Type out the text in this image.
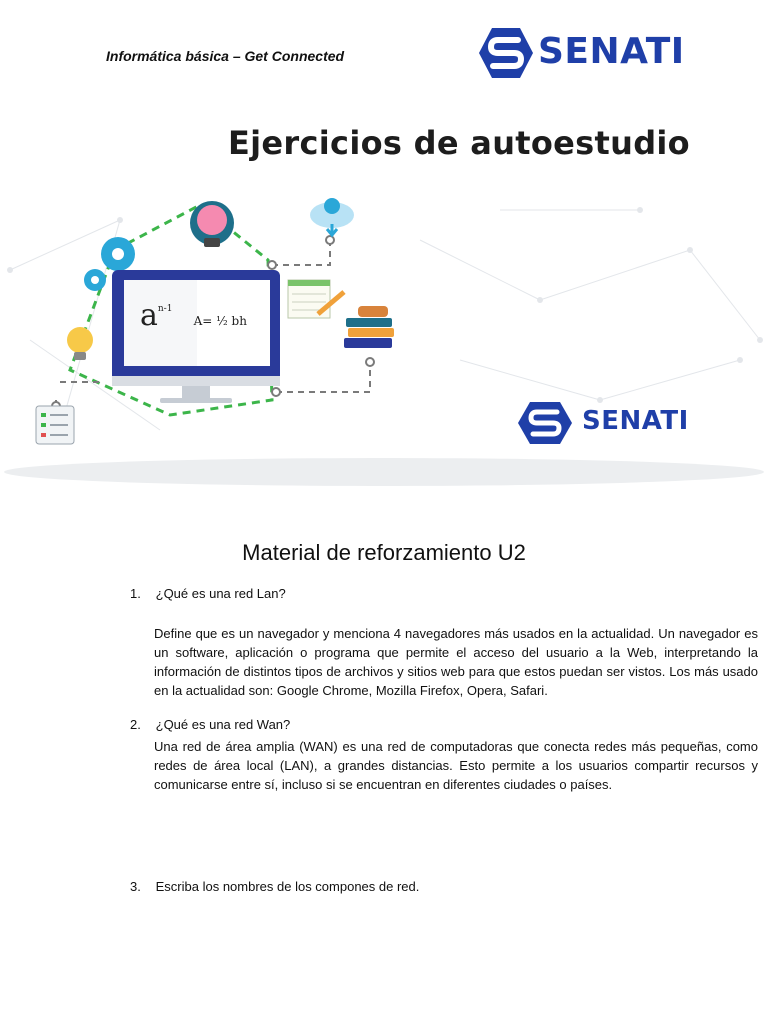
Informática básica – Get Connected	SENATI
$a^{n-1}$ A= ½ bh
Ejercicios de autoestudio
SENATI
Material de reforzamiento U2
1. ¿Qué es una red Lan?

Define que es un navegador y menciona 4 navegadores más usados en la actualidad. Un navegador es un software, aplicación o programa que permite el acceso del usuario a la Web, interpretando la información de distintos tipos de archivos y sitios web para que estos puedan ser vistos. Los más usado en la actualidad son: Google Chrome, Mozilla Firefox, Opera, Safari.

2. ¿Qué es una red Wan?

Una red de área amplia (WAN) es una red de computadoras que conecta redes más pequeñas, como redes de área local (LAN), a grandes distancias. Esto permite a los usuarios compartir recursos y comunicarse entre sí, incluso si se encuentran en diferentes ciudades o países.

3. Escriba los nombres de los compones de red.
